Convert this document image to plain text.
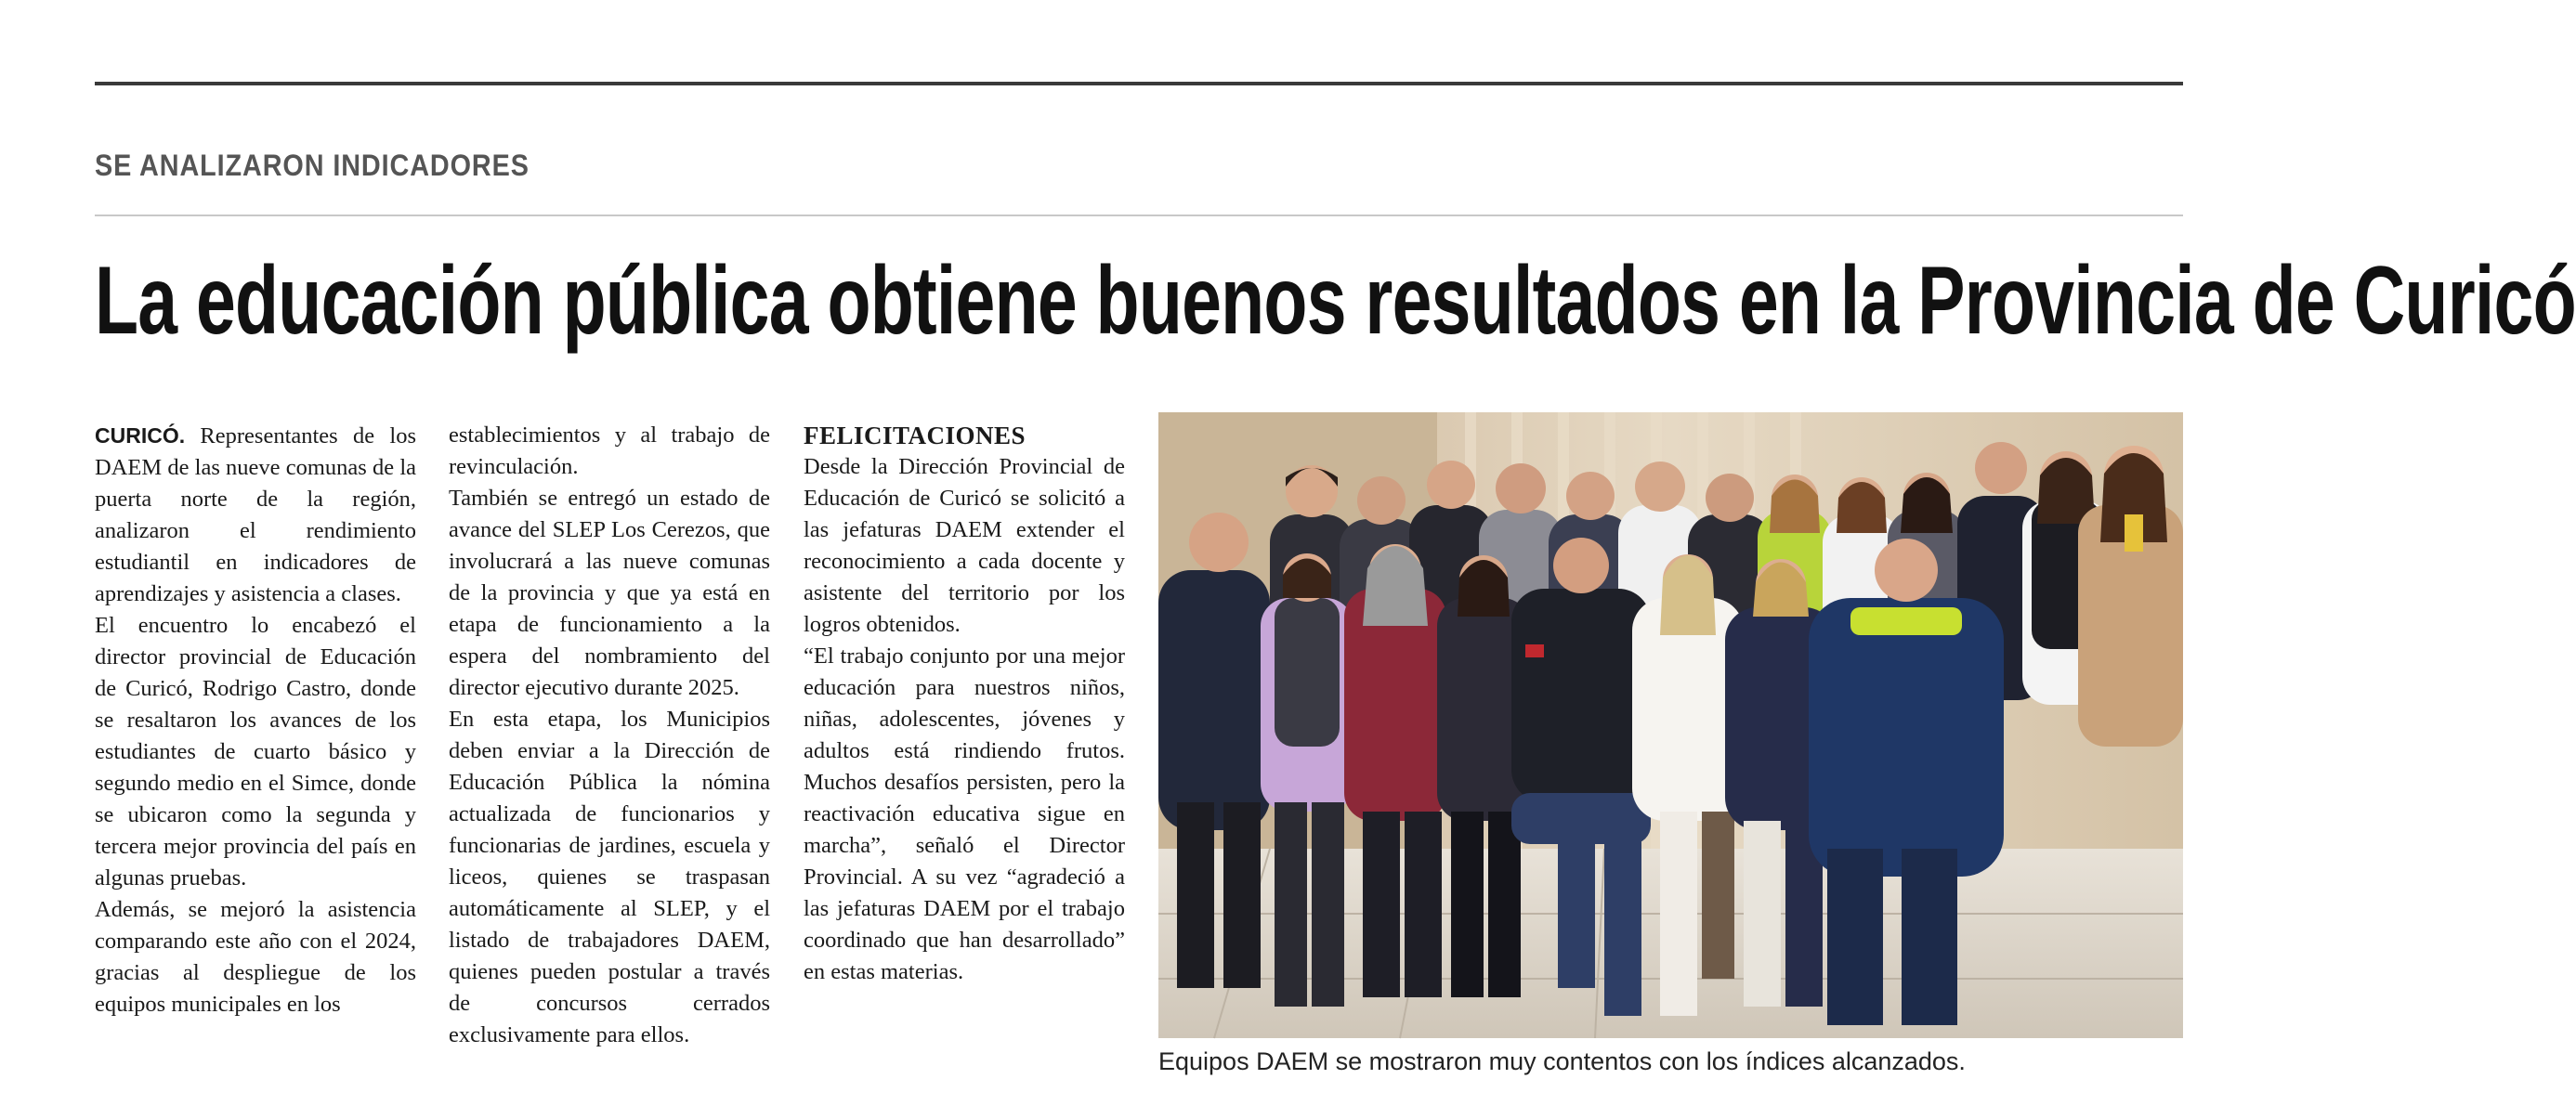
SE ANALIZARON INDICADORES
La educación pública obtiene buenos resultados en la Provincia de Curicó

CURICÓ. Representantes de los DAEM de las nueve comunas de la puerta norte de la región, analizaron el rendimiento estudiantil en indicadores de aprendizajes y asistencia a clases.

El encuentro lo encabezó el director provincial de Educación de Curicó, Rodrigo Castro, donde se resaltaron los avances de los estudiantes de cuarto básico y segundo medio en el Simce, donde se ubicaron como la segunda y tercera mejor provincia del país en algunas pruebas.

Además, se mejoró la asistencia comparando este año con el 2024, gracias al despliegue de los equipos municipales en los

establecimientos y al trabajo de revinculación.

También se entregó un estado de avance del SLEP Los Cerezos, que involucrará a las nueve comunas de la provincia y que ya está en etapa de funcionamiento a la espera del nombramiento del director ejecutivo durante 2025.

En esta etapa, los Municipios deben enviar a la Dirección de Educación Pública la nómina actualizada de funcionarios y funcionarias de jardines, escuela y liceos, quienes se traspasan automáticamente al SLEP, y el listado de trabajadores DAEM, quienes pueden postular a través de concursos cerrados exclusivamente para ellos.

FELICITACIONES

Desde la Dirección Provincial de Educación de Curicó se solicitó a las jefaturas DAEM extender el reconocimiento a cada docente y asistente del territorio por los logros obtenidos.

“El trabajo conjunto por una mejor educación para nuestros niños, niñas, adolescentes, jóvenes y adultos está rindiendo frutos. Muchos desafíos persisten, pero la reactivación educativa sigue en marcha”, señaló el Director Provincial. A su vez “agradeció a las jefaturas DAEM por el trabajo coordinado que han desarrollado” en estas materias.

Equipos DAEM se mostraron muy contentos con los índices alcanzados.
